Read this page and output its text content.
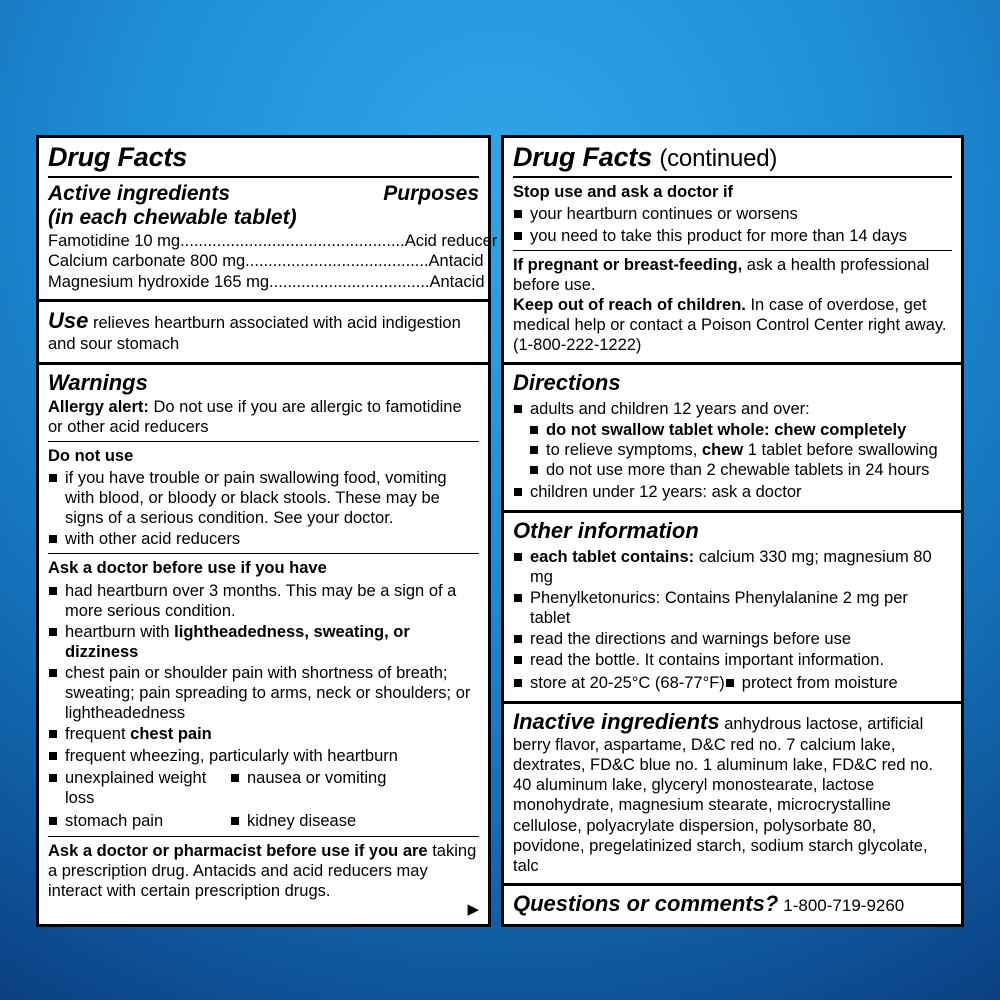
Drug Facts
Active ingredients	Purposes
(in each chewable tablet)
Famotidine 10 mg.................................................Acid reducer
Calcium carbonate 800 mg........................................Antacid
Magnesium hydroxide 165 mg...................................Antacid
Use relieves heartburn associated with acid indigestion and sour stomach
Warnings
Allergy alert: Do not use if you are allergic to famotidine or other acid reducers
Do not use
if you have trouble or pain swallowing food, vomiting with blood, or bloody or black stools. These may be signs of a serious condition. See your doctor.
with other acid reducers
Ask a doctor before use if you have
had heartburn over 3 months. This may be a sign of a more serious condition.
heartburn with lightheadedness, sweating, or dizziness
chest pain or shoulder pain with shortness of breath; sweating; pain spreading to arms, neck or shoulders; or lightheadedness
frequent chest pain
frequent wheezing, particularly with heartburn
unexplained weight loss
nausea or vomiting
stomach pain	kidney disease
Ask a doctor or pharmacist before use if you are taking a prescription drug. Antacids and acid reducers may interact with certain prescription drugs.
▶
Drug Facts (continued)
Stop use and ask a doctor if
your heartburn continues or worsens
you need to take this product for more than 14 days
If pregnant or breast-feeding, ask a health professional before use.
Keep out of reach of children. In case of overdose, get medical help or contact a Poison Control Center right away. (1-800-222-1222)
Directions
adults and children 12 years and over:
do not swallow tablet whole: chew completely
to relieve symptoms, chew 1 tablet before swallowing
do not use more than 2 chewable tablets in 24 hours
children under 12 years: ask a doctor
Other information
each tablet contains: calcium 330 mg; magnesium 80 mg
Phenylketonurics: Contains Phenylalanine 2 mg per tablet
read the directions and warnings before use
read the bottle. It contains important information.
store at 20-25°C (68-77°F)	protect from moisture
Inactive ingredients anhydrous lactose, artificial berry flavor, aspartame, D&C red no. 7 calcium lake, dextrates, FD&C blue no. 1 aluminum lake, FD&C red no. 40 aluminum lake, glyceryl monostearate, lactose monohydrate, magnesium stearate, microcrystalline cellulose, polyacrylate dispersion, polysorbate 80, povidone, pregelatinized starch, sodium starch glycolate, talc
Questions or comments? 1-800-719-9260
